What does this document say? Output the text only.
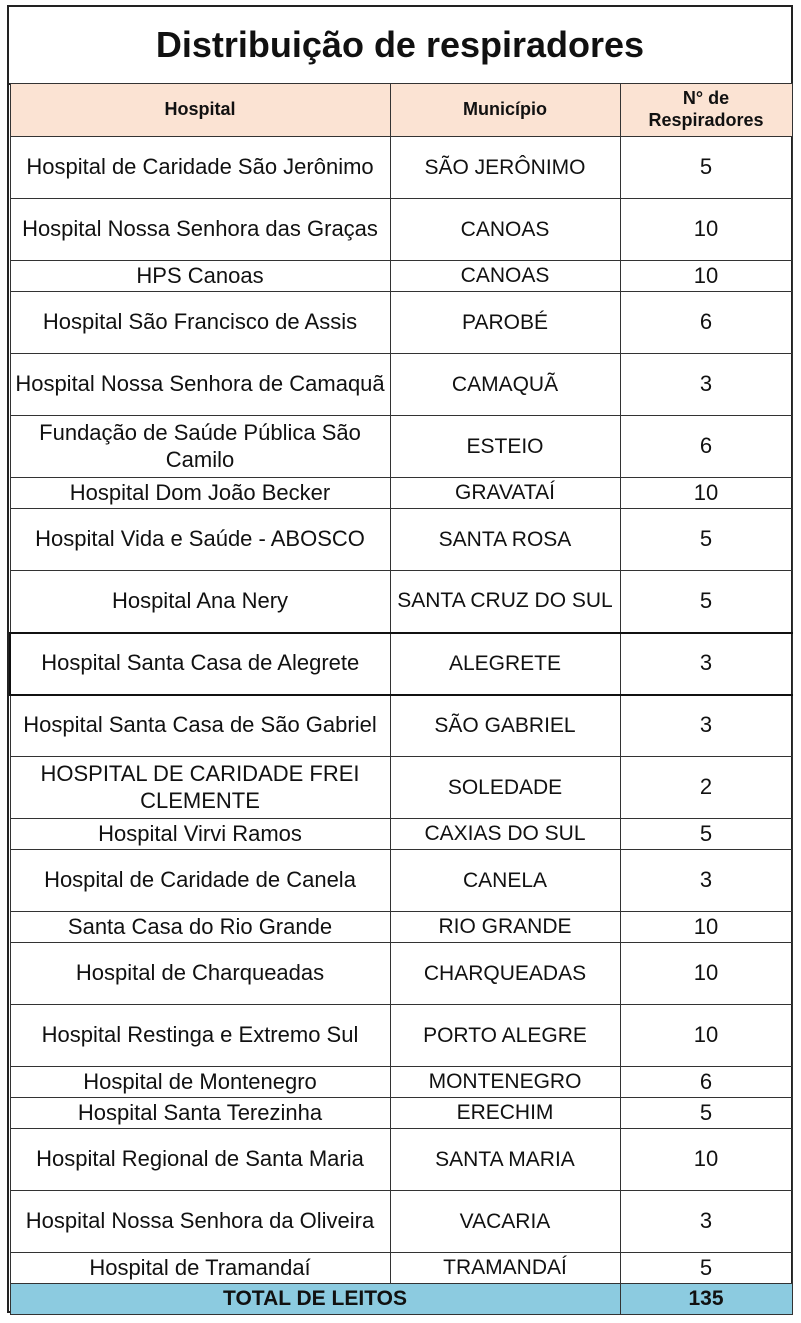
Distribuição de respiradores
Hospital	Município	N° de Respiradores
Hospital de Caridade São Jerônimo	SÃO JERÔNIMO	5
Hospital Nossa Senhora das Graças	CANOAS	10
HPS Canoas	CANOAS	10
Hospital São Francisco de Assis	PAROBÉ	6
Hospital Nossa Senhora de Camaquã	CAMAQUÃ	3
Fundação de Saúde Pública São Camilo	ESTEIO	6
Hospital Dom João Becker	GRAVATAÍ	10
Hospital Vida e Saúde - ABOSCO	SANTA ROSA	5
Hospital Ana Nery	SANTA CRUZ DO SUL	5
Hospital Santa Casa de Alegrete	ALEGRETE	3
Hospital Santa Casa de São Gabriel	SÃO GABRIEL	3
HOSPITAL DE CARIDADE FREI CLEMENTE	SOLEDADE	2
Hospital Virvi Ramos	CAXIAS DO SUL	5
Hospital de Caridade de Canela	CANELA	3
Santa Casa do Rio Grande	RIO GRANDE	10
Hospital de Charqueadas	CHARQUEADAS	10
Hospital Restinga e Extremo Sul	PORTO ALEGRE	10
Hospital de Montenegro	MONTENEGRO	6
Hospital Santa Terezinha	ERECHIM	5
Hospital Regional de Santa Maria	SANTA MARIA	10
Hospital Nossa Senhora da Oliveira	VACARIA	3
Hospital de Tramandaí	TRAMANDAÍ	5
TOTAL DE LEITOS		135
